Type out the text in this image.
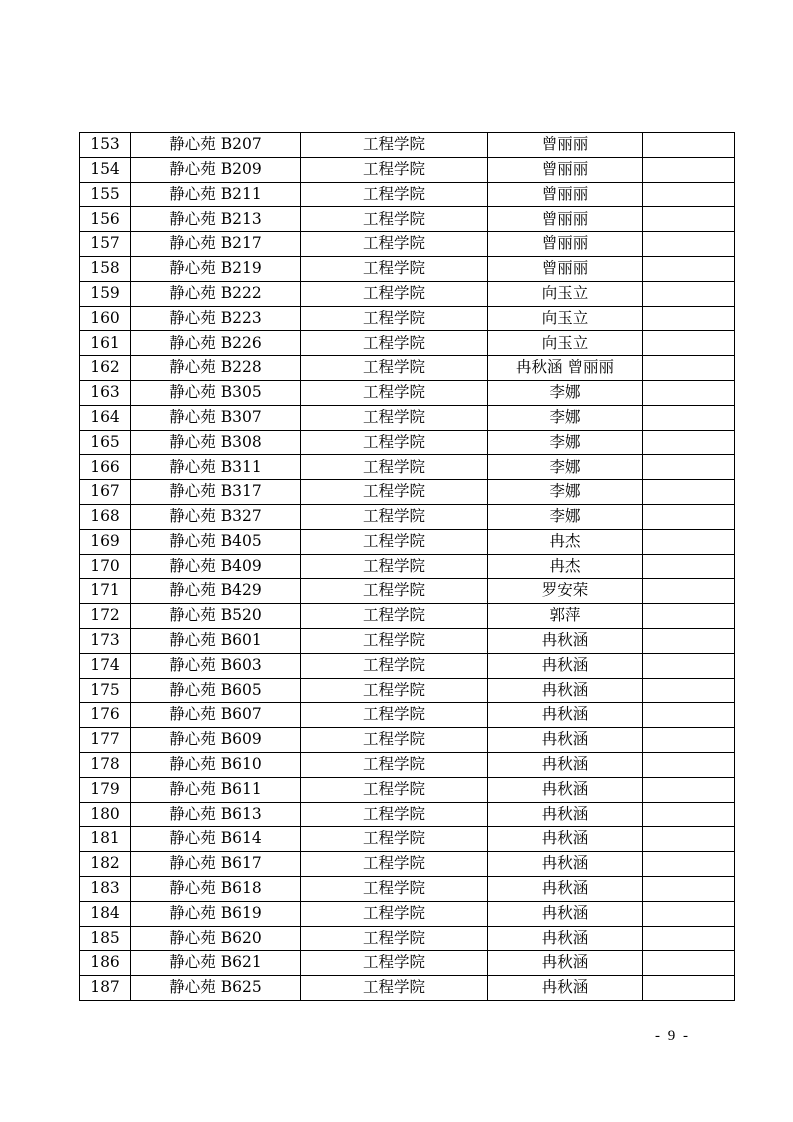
153	静心苑 B207	工程学院	曾丽丽	
154	静心苑 B209	工程学院	曾丽丽	
155	静心苑 B211	工程学院	曾丽丽	
156	静心苑 B213	工程学院	曾丽丽	
157	静心苑 B217	工程学院	曾丽丽	
158	静心苑 B219	工程学院	曾丽丽	
159	静心苑 B222	工程学院	向玉立	
160	静心苑 B223	工程学院	向玉立	
161	静心苑 B226	工程学院	向玉立	
162	静心苑 B228	工程学院	冉秋涵 曾丽丽	
163	静心苑 B305	工程学院	李娜	
164	静心苑 B307	工程学院	李娜	
165	静心苑 B308	工程学院	李娜	
166	静心苑 B311	工程学院	李娜	
167	静心苑 B317	工程学院	李娜	
168	静心苑 B327	工程学院	李娜	
169	静心苑 B405	工程学院	冉杰	
170	静心苑 B409	工程学院	冉杰	
171	静心苑 B429	工程学院	罗安荣	
172	静心苑 B520	工程学院	郭萍	
173	静心苑 B601	工程学院	冉秋涵	
174	静心苑 B603	工程学院	冉秋涵	
175	静心苑 B605	工程学院	冉秋涵	
176	静心苑 B607	工程学院	冉秋涵	
177	静心苑 B609	工程学院	冉秋涵	
178	静心苑 B610	工程学院	冉秋涵	
179	静心苑 B611	工程学院	冉秋涵	
180	静心苑 B613	工程学院	冉秋涵	
181	静心苑 B614	工程学院	冉秋涵	
182	静心苑 B617	工程学院	冉秋涵	
183	静心苑 B618	工程学院	冉秋涵	
184	静心苑 B619	工程学院	冉秋涵	
185	静心苑 B620	工程学院	冉秋涵	
186	静心苑 B621	工程学院	冉秋涵	
187	静心苑 B625	工程学院	冉秋涵	
- 9 -
